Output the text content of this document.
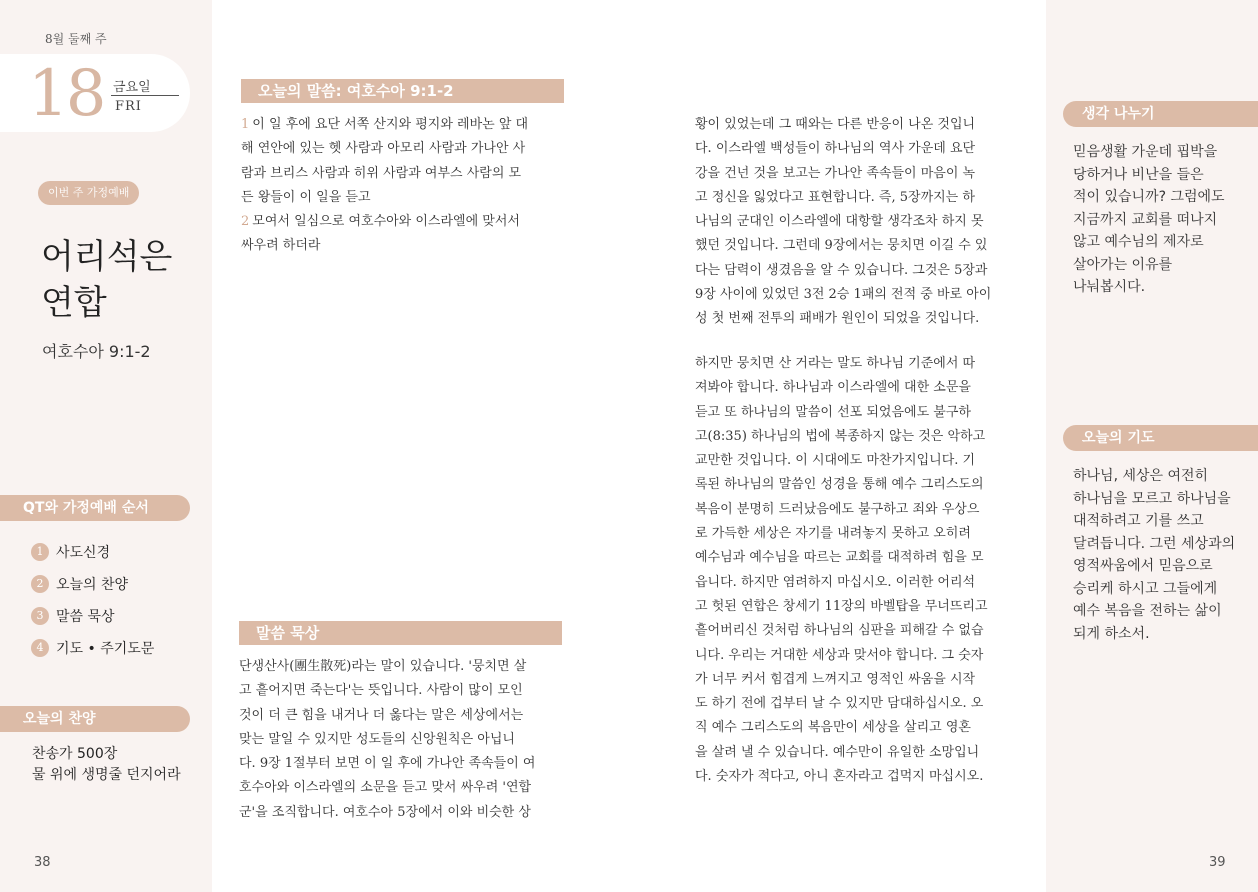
8월 둘째 주
18 금요일
FRI
이번 주 가정예배
어리석은
연합
여호수아 9:1-2
QT와 가정예배 순서
1 사도신경
2 오늘의 찬양
3 말씀 묵상
4 기도 • 주기도문
오늘의 찬양
찬송가 500장
물 위에 생명줄 던지어라
38
오늘의 말씀: 여호수아 9:1-2
1 이 일 후에 요단 서쪽 산지와 평지와 레바논 앞 대
해 연안에 있는 헷 사람과 아모리 사람과 가나안 사
람과 브리스 사람과 히위 사람과 여부스 사람의 모
든 왕들이 이 일을 듣고
2 모여서 일심으로 여호수아와 이스라엘에 맞서서
싸우려 하더라
말씀 묵상
단생산사(團生散死)라는 말이 있습니다. '뭉치면 살
고 흩어지면 죽는다'는 뜻입니다. 사람이 많이 모인
것이 더 큰 힘을 내거나 더 옳다는 말은 세상에서는
맞는 말일 수 있지만 성도들의 신앙원칙은 아닙니
다. 9장 1절부터 보면 이 일 후에 가나안 족속들이 여
호수아와 이스라엘의 소문을 듣고 맞서 싸우려 '연합
군'을 조직합니다. 여호수아 5장에서 이와 비슷한 상
황이 있었는데 그 때와는 다른 반응이 나온 것입니
다. 이스라엘 백성들이 하나님의 역사 가운데 요단
강을 건넌 것을 보고는 가나안 족속들이 마음이 녹
고 정신을 잃었다고 표현합니다. 즉, 5장까지는 하
나님의 군대인 이스라엘에 대항할 생각조차 하지 못
했던 것입니다. 그런데 9장에서는 뭉치면 이길 수 있
다는 담력이 생겼음을 알 수 있습니다. 그것은 5장과
9장 사이에 있었던 3전 2승 1패의 전적 중 바로 아이
성 첫 번째 전투의 패배가 원인이 되었을 것입니다.
하지만 뭉치면 산 거라는 말도 하나님 기준에서 따
져봐야 합니다. 하나님과 이스라엘에 대한 소문을
듣고 또 하나님의 말씀이 선포 되었음에도 불구하
고(8:35) 하나님의 법에 복종하지 않는 것은 악하고
교만한 것입니다. 이 시대에도 마찬가지입니다. 기
록된 하나님의 말씀인 성경을 통해 예수 그리스도의
복음이 분명히 드러났음에도 불구하고 죄와 우상으
로 가득한 세상은 자기를 내려놓지 못하고 오히려
예수님과 예수님을 따르는 교회를 대적하려 힘을 모
읍니다. 하지만 염려하지 마십시오. 이러한 어리석
고 헛된 연합은 창세기 11장의 바벨탑을 무너뜨리고
흩어버리신 것처럼 하나님의 심판을 피해갈 수 없습
니다. 우리는 거대한 세상과 맞서야 합니다. 그 숫자
가 너무 커서 힘겹게 느껴지고 영적인 싸움을 시작
도 하기 전에 겁부터 날 수 있지만 담대하십시오. 오
직 예수 그리스도의 복음만이 세상을 살리고 영혼
을 살려 낼 수 있습니다. 예수만이 유일한 소망입니
다. 숫자가 적다고, 아니 혼자라고 겁먹지 마십시오.
생각 나누기
믿음생활 가운데 핍박을
당하거나 비난을 들은
적이 있습니까? 그럼에도
지금까지 교회를 떠나지
않고 예수님의 제자로
살아가는 이유를
나눠봅시다.
오늘의 기도
하나님, 세상은 여전히
하나님을 모르고 하나님을
대적하려고 기를 쓰고
달려듭니다. 그런 세상과의
영적싸움에서 믿음으로
승리케 하시고 그들에게
예수 복음을 전하는 삶이
되게 하소서.
39
